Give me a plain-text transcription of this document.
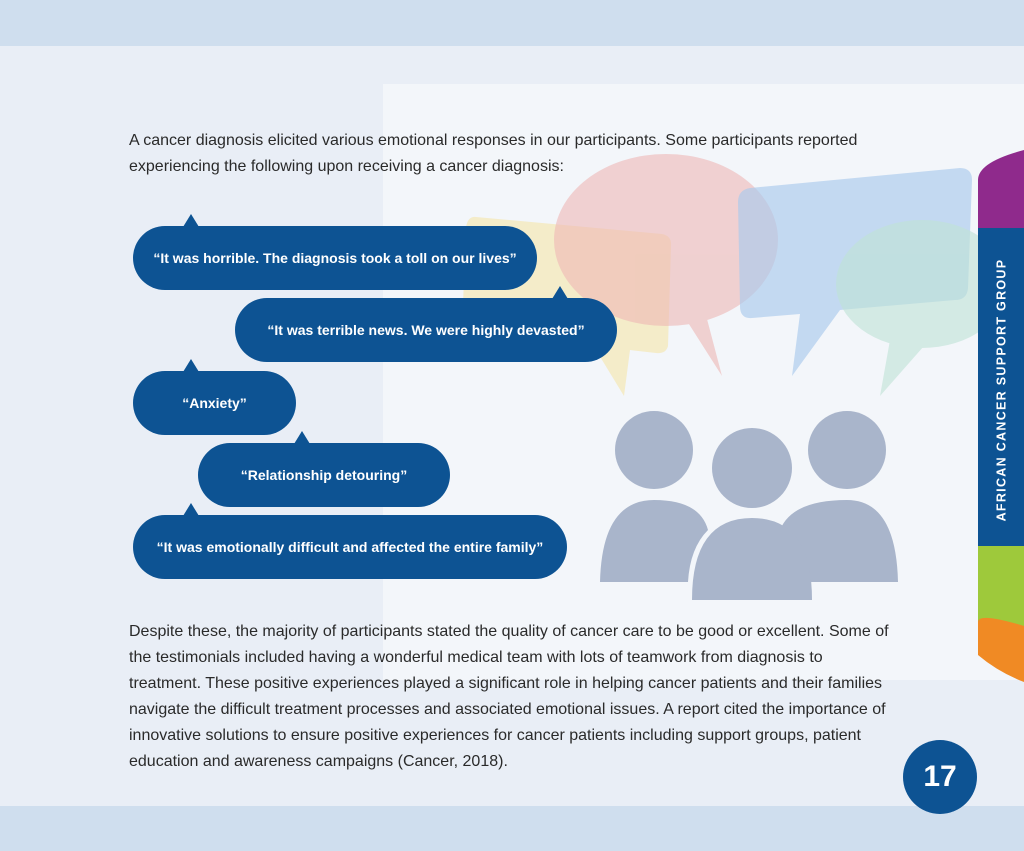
A cancer diagnosis elicited various emotional responses in our participants. Some participants reported experiencing the following upon receiving a cancer diagnosis:

“It was horrible. The diagnosis took a toll on our lives”
“It was terrible news. We were highly devasted”
“Anxiety”
“Relationship detouring”
“It was emotionally difficult and affected the entire family”

Despite these, the majority of participants stated the quality of cancer care to be good or excellent. Some of the testimonials included having a wonderful medical team with lots of teamwork from diagnosis to treatment. These positive experiences played a significant role in helping cancer patients and their families navigate the difficult treatment processes and associated emotional issues. A report cited the importance of innovative solutions to ensure positive experiences for cancer patients including support groups, patient education and awareness campaigns (Cancer, 2018).

AFRICAN CANCER SUPPORT GROUP
17
